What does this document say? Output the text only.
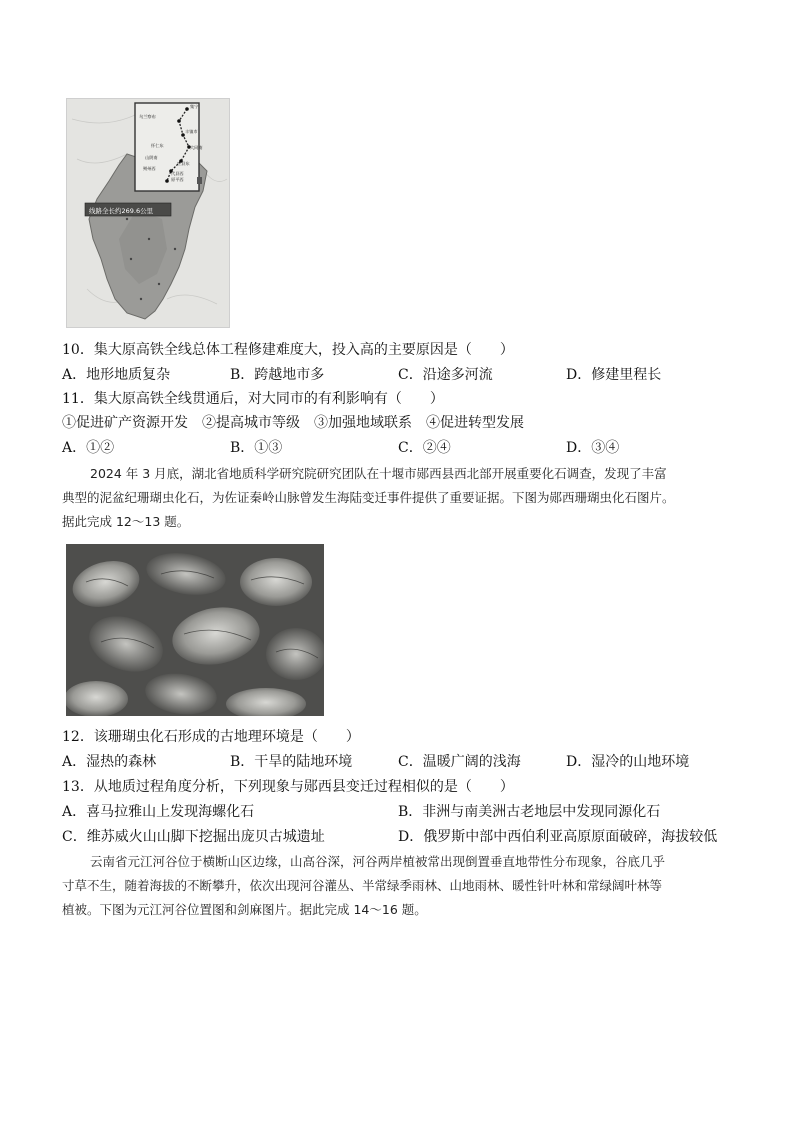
集宁
乌兰察布
丰镇市
怀仁东
山阴南
朔州西
原平西
大同南
应县东
代县西
线路全长约269.6公里
10．集大原高铁全线总体工程修建难度大，投入高的主要原因是（　　）
A．地形地质复杂	B．跨越地市多	C．沿途多河流	D．修建里程长
11．集大原高铁全线贯通后，对大同市的有利影响有（　　）
①促进矿产资源开发　②提高城市等级　③加强地域联系　④促进转型发展
A．①②	B．①③	C．②④	D．③④
2024 年 3 月底，湖北省地质科学研究院研究团队在十堰市郧西县西北部开展重要化石调查，发现了丰富
典型的泥盆纪珊瑚虫化石，为佐证秦岭山脉曾发生海陆变迁事件提供了重要证据。下图为郧西珊瑚虫化石图片。
据此完成 12～13 题。
12．该珊瑚虫化石形成的古地理环境是（　　）
A．湿热的森林	B．干旱的陆地环境	C．温暖广阔的浅海	D．湿冷的山地环境
13．从地质过程角度分析，下列现象与郧西县变迁过程相似的是（　　）
A．喜马拉雅山上发现海螺化石	B．非洲与南美洲古老地层中发现同源化石
C．维苏威火山山脚下挖掘出庞贝古城遗址	D．俄罗斯中部中西伯利亚高原原面破碎，海拔较低
云南省元江河谷位于横断山区边缘，山高谷深，河谷两岸植被常出现倒置垂直地带性分布现象，谷底几乎
寸草不生，随着海拔的不断攀升，依次出现河谷灌丛、半常绿季雨林、山地雨林、暖性针叶林和常绿阔叶林等
植被。下图为元江河谷位置图和剑麻图片。据此完成 14～16 题。
